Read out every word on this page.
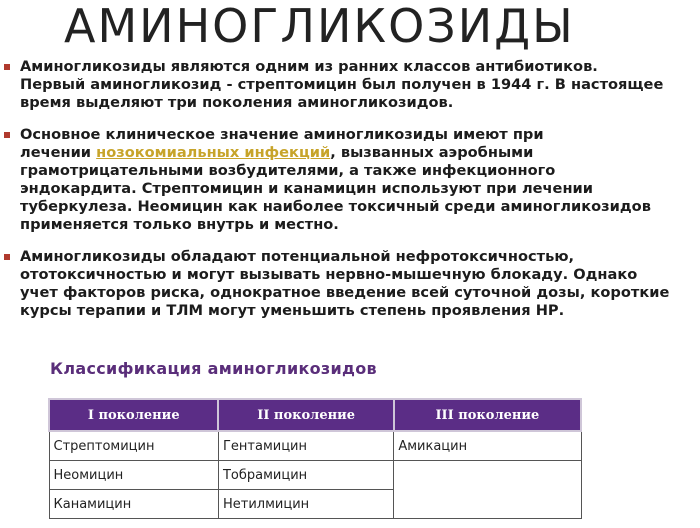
АМИНОГЛИКОЗИДЫ
Аминогликозиды являются одним из ранних классов антибиотиков.
Первый аминогликозид - стрептомицин был получен в 1944 г. В настоящее
время выделяют три поколения аминогликозидов.
Основное клиническое значение аминогликозиды имеют при
лечении нозокомиальных инфекций, вызванных аэробными
грамотрицательными возбудителями, а также инфекционного
эндокардита. Стрептомицин и канамицин используют при лечении
туберкулеза. Неомицин как наиболее токсичный среди аминогликозидов
применяется только внутрь и местно.
Аминогликозиды обладают потенциальной нефротоксичностью,
ототоксичностью и могут вызывать нервно-мышечную блокаду. Однако
учет факторов риска, однократное введение всей суточной дозы, короткие
курсы терапии и ТЛМ могут уменьшить степень проявления НР.
Классификация аминогликозидов
I поколение	II поколение	III поколение
Стрептомицин	Гентамицин	Амикацин
Неомицин	Тобрамицин	
Канамицин	Нетилмицин	
